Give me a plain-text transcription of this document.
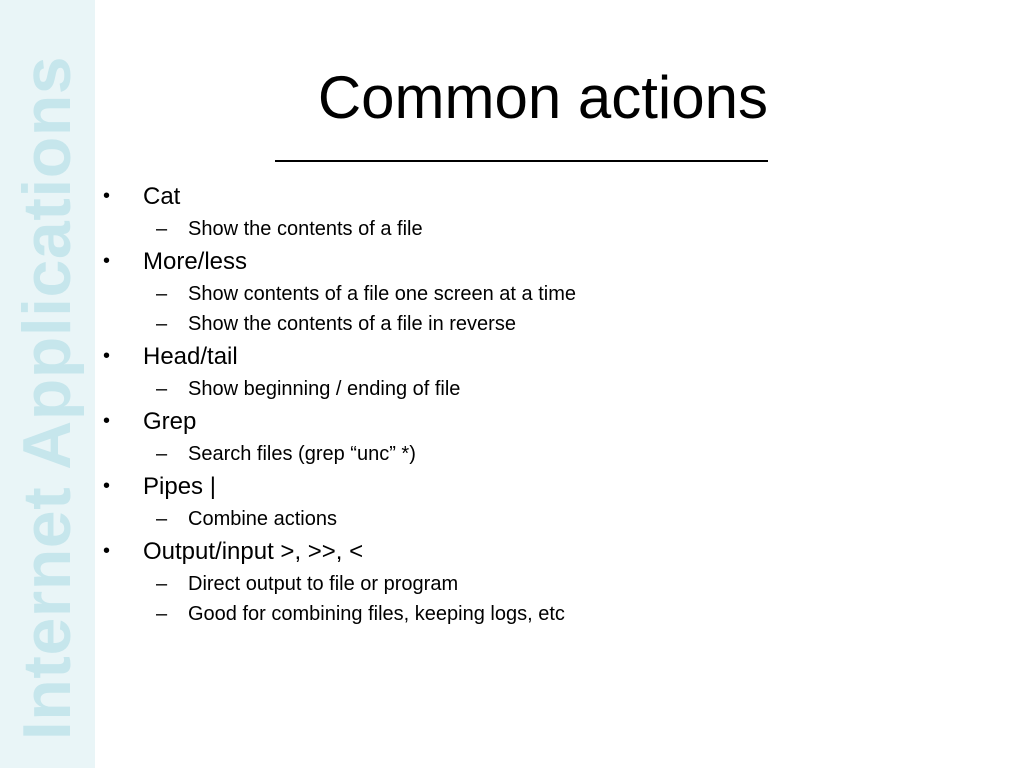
Internet Applications	Common actions
• Cat
– Show the contents of a file
• More/less
– Show contents of a file one screen at a time
– Show the contents of a file in reverse
• Head/tail
– Show beginning / ending of file
• Grep
– Search files (grep “unc” *)
• Pipes |
– Combine actions
• Output/input >, >>, <
– Direct output to file or program
– Good for combining files, keeping logs, etc
